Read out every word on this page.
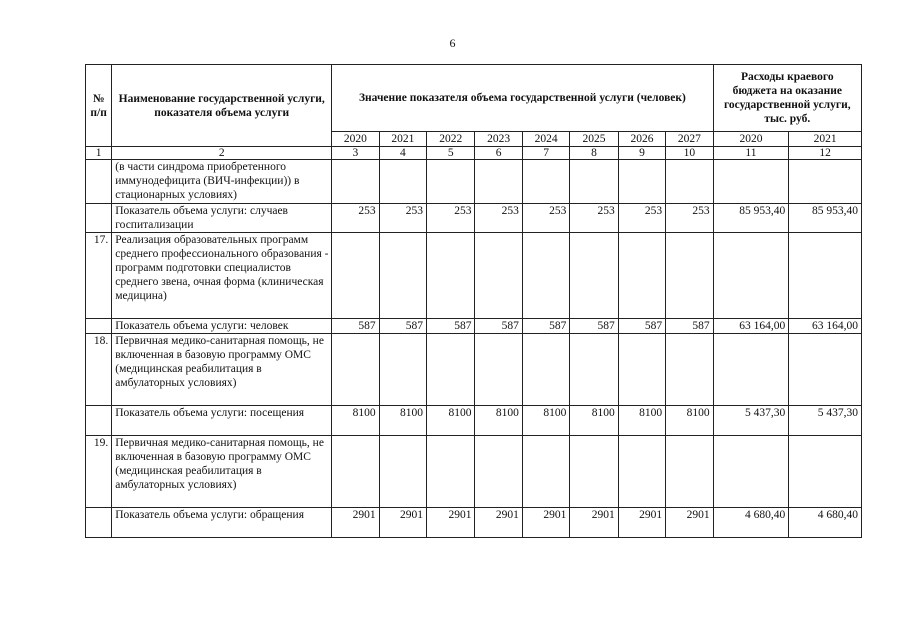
6
№ п/п	Наименование государственной услуги, показателя объема услуги	Значение показателя объема государственной услуги (человек)								Расходы краевого бюджета на оказание государственной услуги, тыс. руб.	
		2020	2021	2022	2023	2024	2025	2026	2027	2020	2021
1	2	3	4	5	6	7	8	9	10	11	12
	(в части синдрома приобретенного иммунодефицита (ВИЧ-инфекции)) в стационарных условиях)										
	Показатель объема услуги: случаев госпитализации	253	253	253	253	253	253	253	253	85 953,40	85 953,40
17.	Реализация образовательных программ среднего профессионального образования - программ подготовки специалистов среднего звена, очная форма (клиническая медицина)										
	Показатель объема услуги: человек	587	587	587	587	587	587	587	587	63 164,00	63 164,00
18.	Первичная медико-санитарная помощь, не включенная в базовую программу ОМС (медицинская реабилитация в амбулаторных условиях)										
	Показатель объема услуги: посещения	8100	8100	8100	8100	8100	8100	8100	8100	5 437,30	5 437,30
19.	Первичная медико-санитарная помощь, не включенная в базовую программу ОМС (медицинская реабилитация в амбулаторных условиях)										
	Показатель объема услуги: обращения	2901	2901	2901	2901	2901	2901	2901	2901	4 680,40	4 680,40
